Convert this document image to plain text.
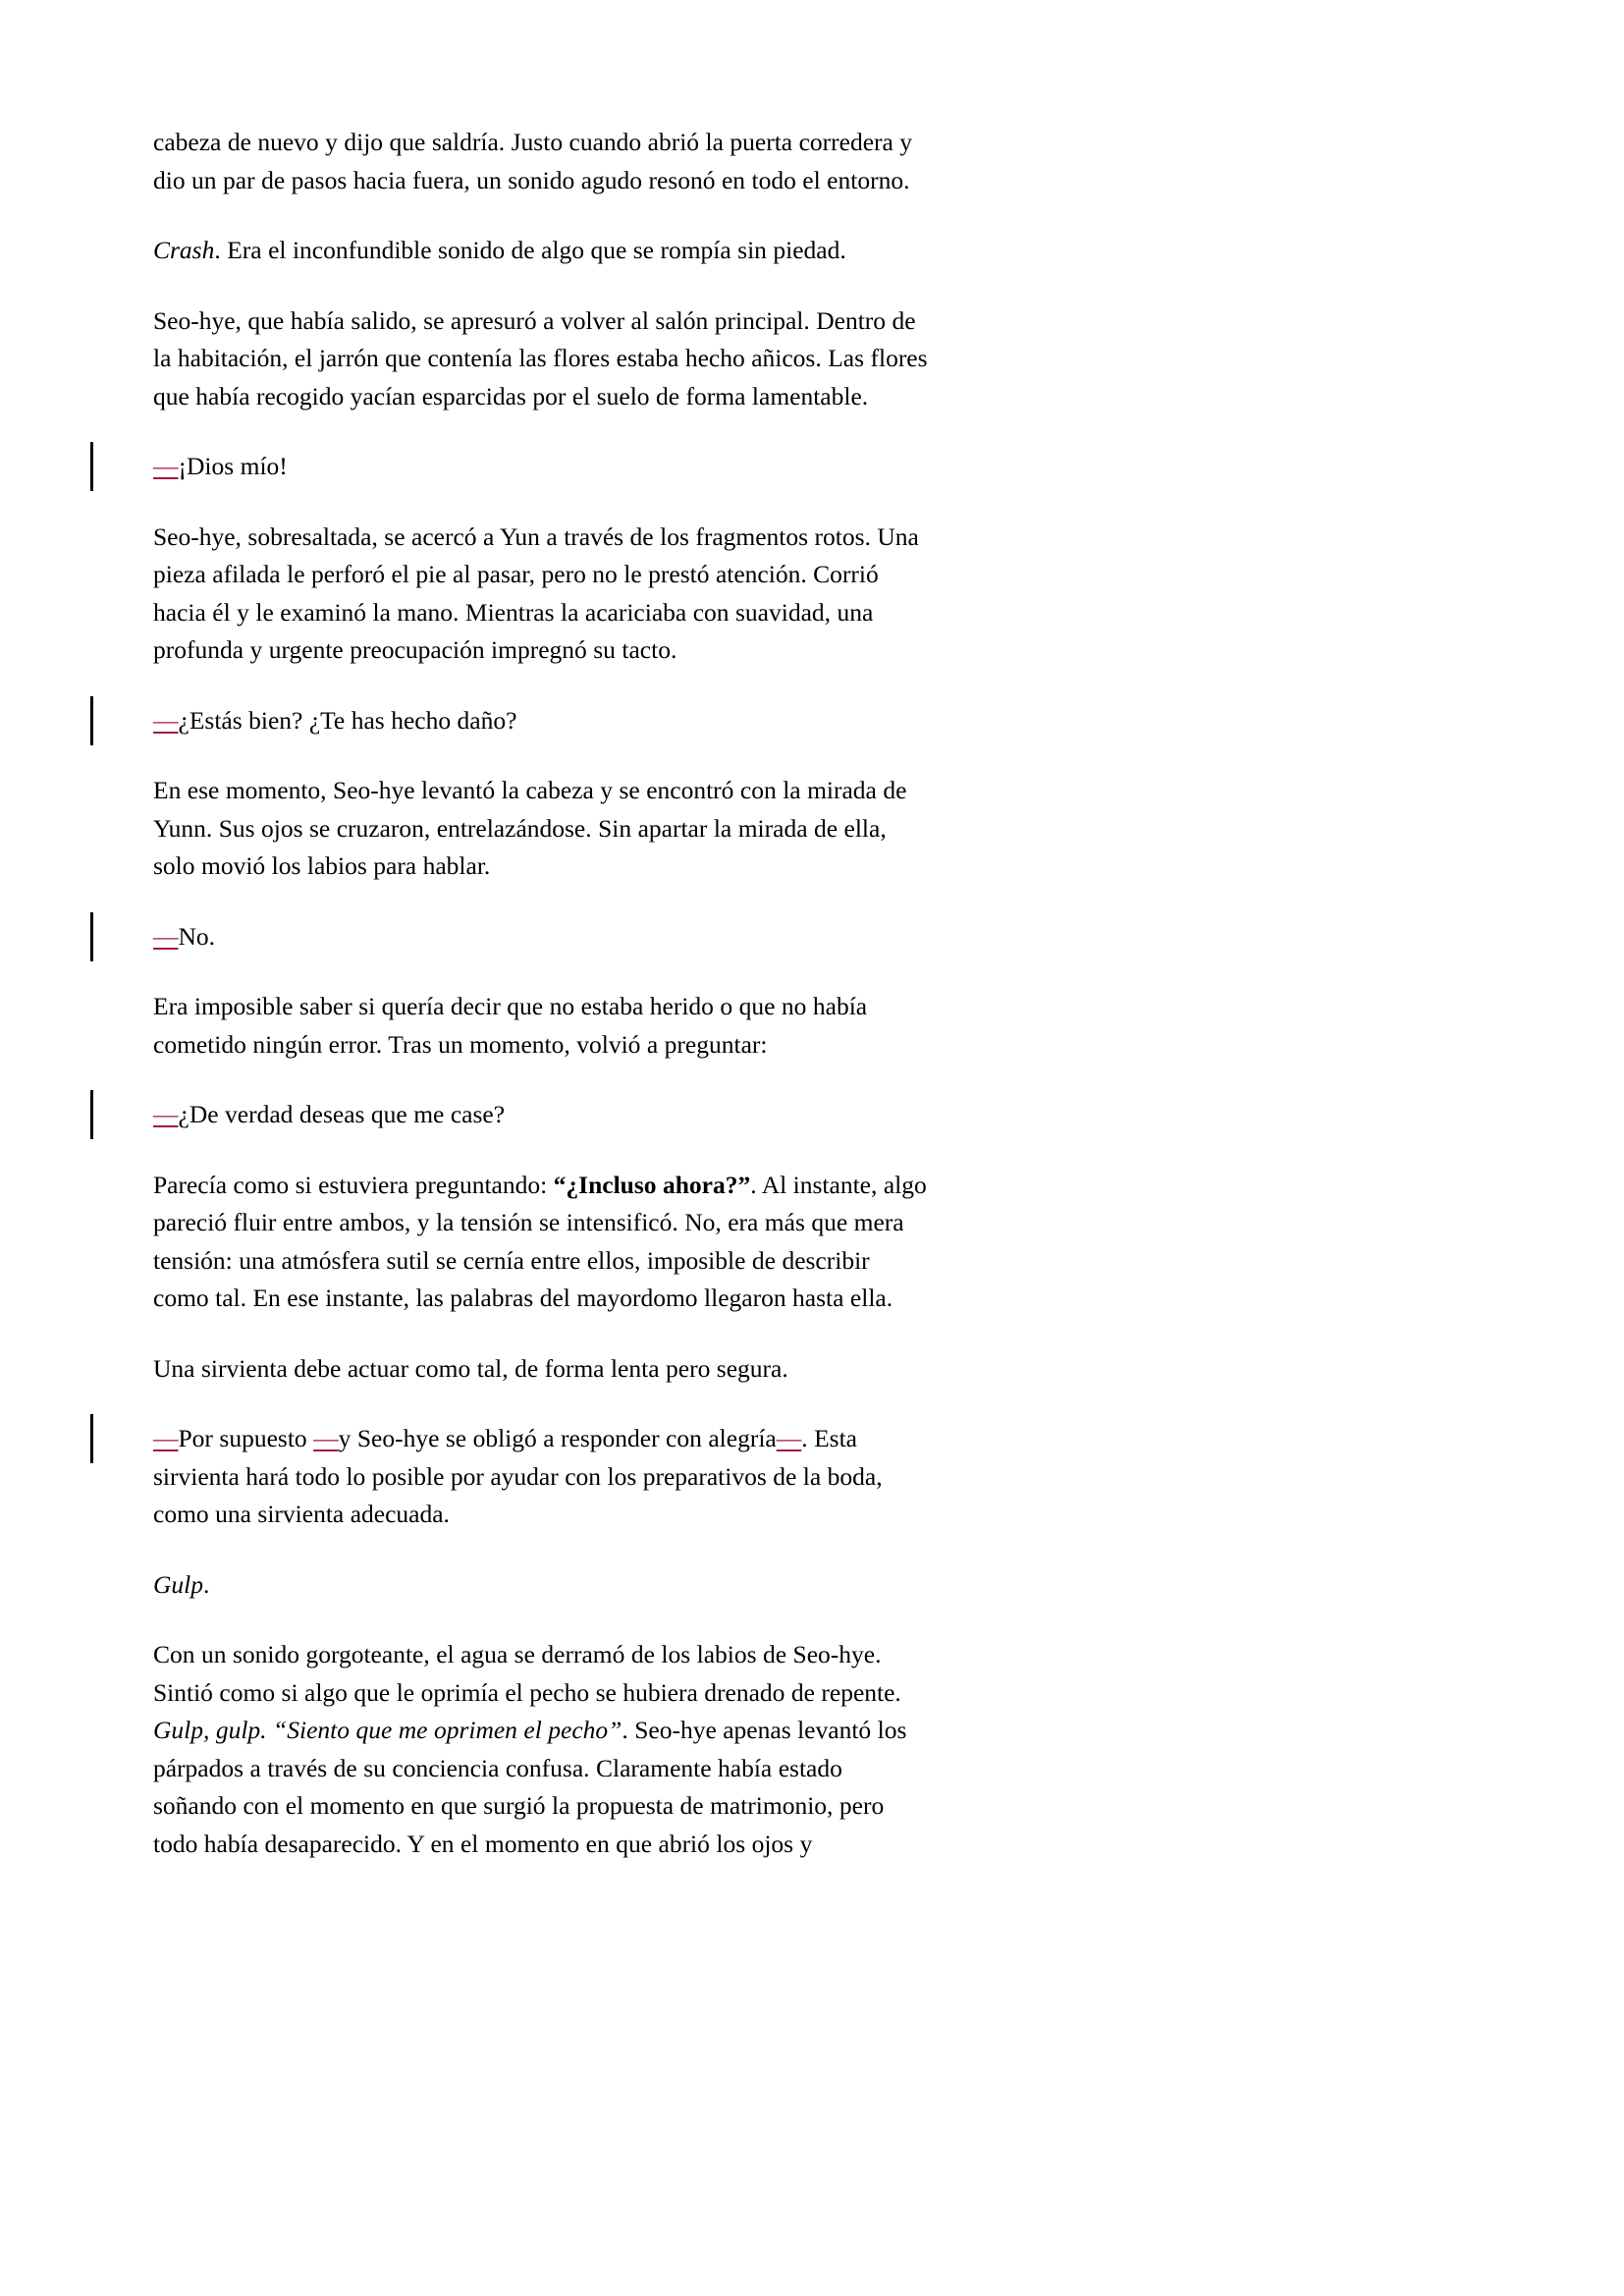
cabeza de nuevo y dijo que saldría. Justo cuando abrió la puerta corredera y dio un par de pasos hacia fuera, un sonido agudo resonó en todo el entorno.

Crash. Era el inconfundible sonido de algo que se rompía sin piedad.

Seo-hye, que había salido, se apresuró a volver al salón principal. Dentro de la habitación, el jarrón que contenía las flores estaba hecho añicos. Las flores que había recogido yacían esparcidas por el suelo de forma lamentable.

—¡Dios mío!

Seo-hye, sobresaltada, se acercó a Yun a través de los fragmentos rotos. Una pieza afilada le perforó el pie al pasar, pero no le prestó atención. Corrió hacia él y le examinó la mano. Mientras la acariciaba con suavidad, una profunda y urgente preocupación impregnó su tacto.

—¿Estás bien? ¿Te has hecho daño?

En ese momento, Seo-hye levantó la cabeza y se encontró con la mirada de Yunn. Sus ojos se cruzaron, entrelazándose. Sin apartar la mirada de ella, solo movió los labios para hablar.

—No.

Era imposible saber si quería decir que no estaba herido o que no había cometido ningún error. Tras un momento, volvió a preguntar:

—¿De verdad deseas que me case?

Parecía como si estuviera preguntando: “¿Incluso ahora?”. Al instante, algo pareció fluir entre ambos, y la tensión se intensificó. No, era más que mera tensión: una atmósfera sutil se cernía entre ellos, imposible de describir como tal. En ese instante, las palabras del mayordomo llegaron hasta ella.

Una sirvienta debe actuar como tal, de forma lenta pero segura.

—Por supuesto —y Seo-hye se obligó a responder con alegría—. Esta sirvienta hará todo lo posible por ayudar con los preparativos de la boda, como una sirvienta adecuada.

Gulp.

Con un sonido gorgoteante, el agua se derramó de los labios de Seo-hye. Sintió como si algo que le oprimía el pecho se hubiera drenado de repente. Gulp, gulp. “Siento que me oprimen el pecho”. Seo-hye apenas levantó los párpados a través de su conciencia confusa. Claramente había estado soñando con el momento en que surgió la propuesta de matrimonio, pero todo había desaparecido. Y en el momento en que abrió los ojos y
